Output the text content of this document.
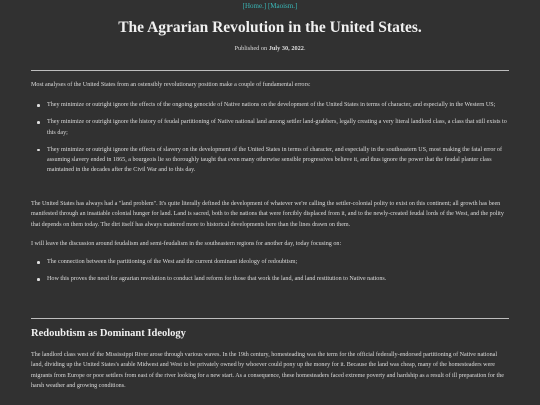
[Home.] [Maoism.]
The Agrarian Revolution in the United States.
Published on July 30, 2022.

Most analyses of the United States from an ostensibly revolutionary position make a couple of fundamental errors:

They minimize or outright ignore the effects of the ongoing genocide of Native nations on the development of the United States in terms of character, and especially in the Western US;
They minimize or outright ignore the history of feudal partitioning of Native national land among settler land-grabbers, legally creating a very literal landlord class, a class that still exists to this day;
They minimize or outright ignore the effects of slavery on the development of the United States in terms of character, and especially in the southeastern US, most making the fatal error of assuming slavery ended in 1865, a bourgeois lie so thoroughly taught that even many otherwise sensible progressives believe it, and thus ignore the power that the feudal planter class maintained in the decades after the Civil War and to this day.

The United States has always had a "land problem". It's quite literally defined the development of whatever we're calling the settler-colonial polity to exist on this continent; all growth has been manifested through an insatiable colonial hunger for land. Land is sacred, both to the nations that were forcibly displaced from it, and to the newly-created feudal lords of the West, and the polity that depends on them today. The dirt itself has always mattered more to historical developments here than the lines drawn on them.

I will leave the discussion around feudalism and semi-feudalism in the southeastern regions for another day, today focusing on:

The connection between the partitioning of the West and the current dominant ideology of redoubtism;
How this proves the need for agrarian revolution to conduct land reform for those that work the land, and land restitution to Native nations.
Redoubtism as Dominant Ideology

The landlord class west of the Mississippi River arose through various waves. In the 19th century, homesteading was the term for the official federally-endorsed partitioning of Native national land, dividing up the United States's arable Midwest and West to be privately owned by whoever could pony up the money for it. Because the land was cheap, many of the homesteaders were migrants from Europe or poor settlers from east of the river looking for a new start. As a consequence, these homesteaders faced extreme poverty and hardship as a result of ill preparation for the harsh weather and growing conditions.
